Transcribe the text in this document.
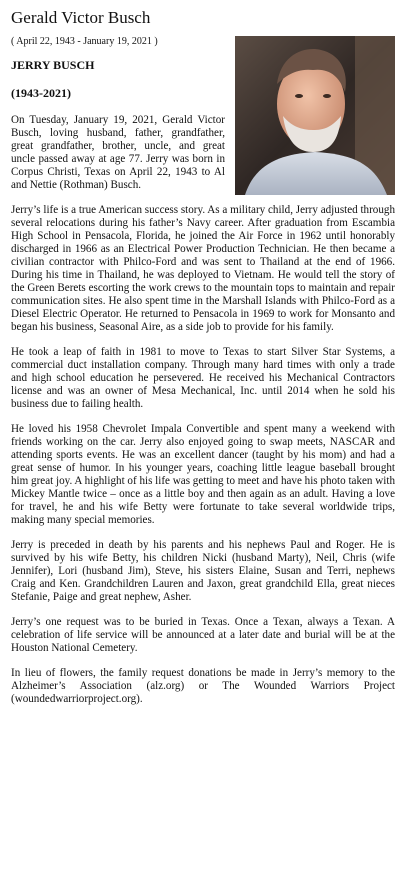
Gerald Victor Busch
( April 22, 1943 - January 19, 2021 )
JERRY BUSCH
(1943-2021)

On Tuesday, January 19, 2021, Gerald Victor Busch, loving husband, father, grandfather, great grandfather, brother, uncle, and great uncle passed away at age 77. Jerry was born in Corpus Christi, Texas on April 22, 1943 to Al and Nettie (Rothman) Busch.

Jerry’s life is a true American success story. As a military child, Jerry adjusted through several relocations during his father’s Navy career. After graduation from Escambia High School in Pensacola, Florida, he joined the Air Force in 1962 until honorably discharged in 1966 as an Electrical Power Production Technician. He then became a civilian contractor with Philco-Ford and was sent to Thailand at the end of 1966. During his time in Thailand, he was deployed to Vietnam. He would tell the story of the Green Berets escorting the work crews to the mountain tops to maintain and repair communication sites. He also spent time in the Marshall Islands with Philco-Ford as a Diesel Electric Operator. He returned to Pensacola in 1969 to work for Monsanto and began his business, Seasonal Aire, as a side job to provide for his family.

He took a leap of faith in 1981 to move to Texas to start Silver Star Systems, a commercial duct installation company. Through many hard times with only a trade and high school education he persevered. He received his Mechanical Contractors license and was an owner of Mesa Mechanical, Inc. until 2014 when he sold his business due to failing health.

He loved his 1958 Chevrolet Impala Convertible and spent many a weekend with friends working on the car. Jerry also enjoyed going to swap meets, NASCAR and attending sports events. He was an excellent dancer (taught by his mom) and had a great sense of humor. In his younger years, coaching little league baseball brought him great joy. A highlight of his life was getting to meet and have his photo taken with Mickey Mantle twice – once as a little boy and then again as an adult. Having a love for travel, he and his wife Betty were fortunate to take several worldwide trips, making many special memories.

Jerry is preceded in death by his parents and his nephews Paul and Roger. He is survived by his wife Betty, his children Nicki (husband Marty), Neil, Chris (wife Jennifer), Lori (husband Jim), Steve, his sisters Elaine, Susan and Terri, nephews Craig and Ken. Grandchildren Lauren and Jaxon, great grandchild Ella, great nieces Stefanie, Paige and great nephew, Asher.

Jerry’s one request was to be buried in Texas. Once a Texan, always a Texan. A celebration of life service will be announced at a later date and burial will be at the Houston National Cemetery.

In lieu of flowers, the family request donations be made in Jerry’s memory to the Alzheimer’s Association (alz.org) or The Wounded Warriors Project (woundedwarriorproject.org).
